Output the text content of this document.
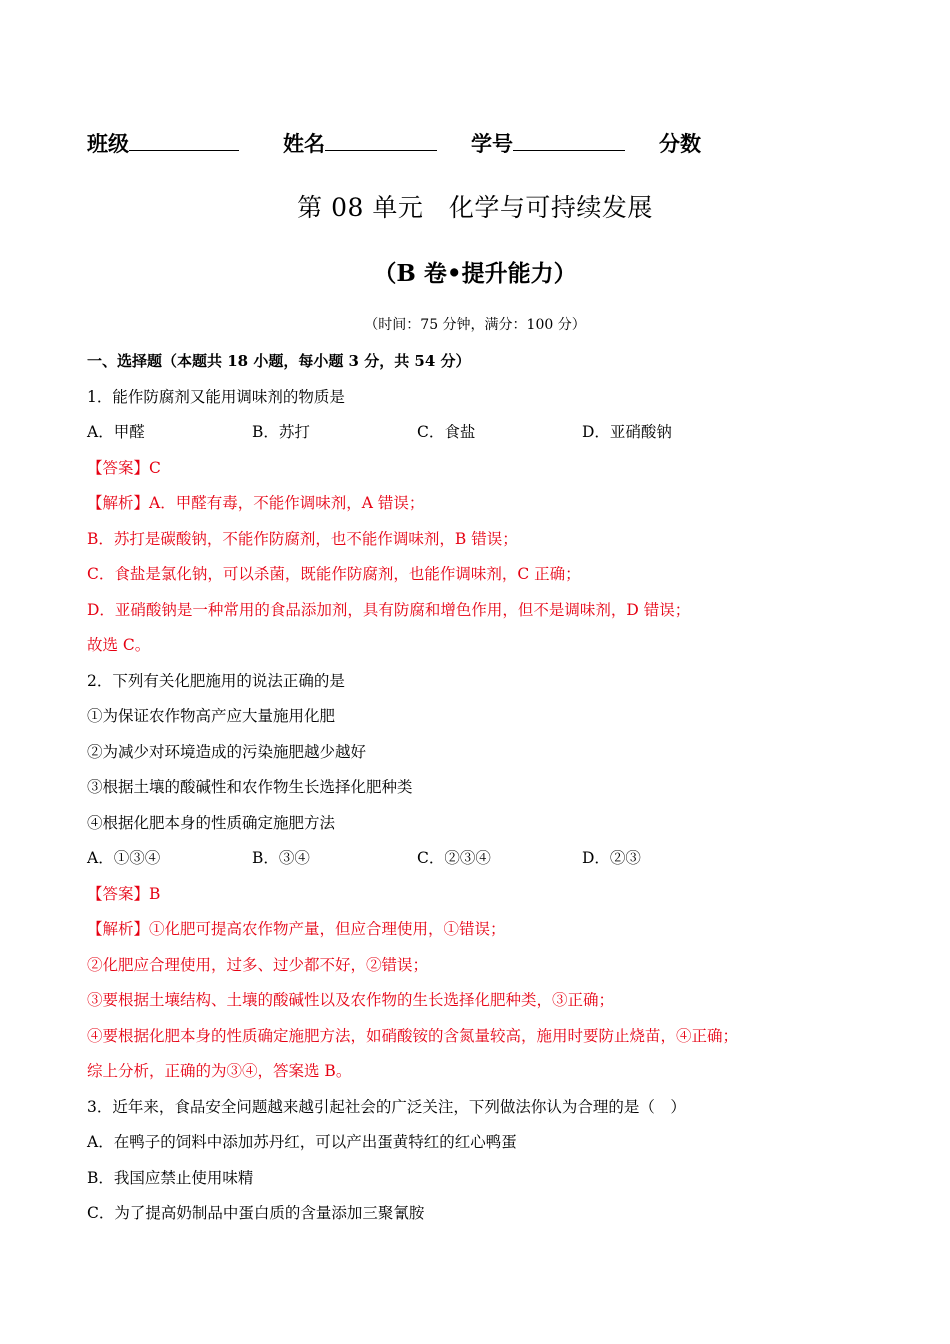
班级	姓名	学号	分数
第 08 单元　化学与可持续发展
（B 卷•提升能力）
（时间：75 分钟，满分：100 分）
一、选择题（本题共 18 小题，每小题 3 分，共 54 分）
1．能作防腐剂又能用调味剂的物质是
A．甲醛	B．苏打	C．食盐	D．亚硝酸钠
【答案】C
【解析】A．甲醛有毒，不能作调味剂，A 错误；
B．苏打是碳酸钠，不能作防腐剂，也不能作调味剂，B 错误；
C．食盐是氯化钠，可以杀菌，既能作防腐剂，也能作调味剂，C 正确；
D．亚硝酸钠是一种常用的食品添加剂，具有防腐和增色作用，但不是调味剂，D 错误；
故选 C。
2．下列有关化肥施用的说法正确的是
①为保证农作物高产应大量施用化肥
②为减少对环境造成的污染施肥越少越好
③根据土壤的酸碱性和农作物生长选择化肥种类
④根据化肥本身的性质确定施肥方法
A．①③④	B．③④	C．②③④	D．②③
【答案】B
【解析】①化肥可提高农作物产量，但应合理使用，①错误；
②化肥应合理使用，过多、过少都不好，②错误；
③要根据土壤结构、土壤的酸碱性以及农作物的生长选择化肥种类，③正确；
④要根据化肥本身的性质确定施肥方法，如硝酸铵的含氮量较高，施用时要防止烧苗，④正确；
综上分析，正确的为③④，答案选 B。
3．近年来，食品安全问题越来越引起社会的广泛关注，下列做法你认为合理的是（　）
A．在鸭子的饲料中添加苏丹红，可以产出蛋黄特红的红心鸭蛋
B．我国应禁止使用味精
C．为了提高奶制品中蛋白质的含量添加三聚氰胺
